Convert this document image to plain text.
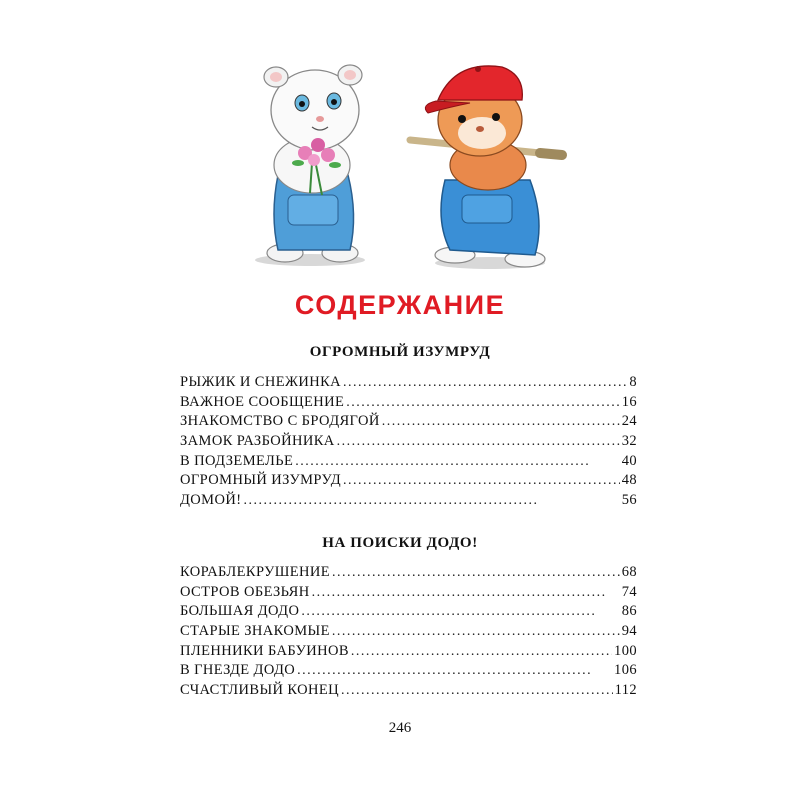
СОДЕРЖАНИЕ
ОГРОМНЫЙ ИЗУМРУД
РЫЖИК И СНЕЖИНКА . . .	8
ВАЖНОЕ СООБЩЕНИЕ . . .	16
ЗНАКОМСТВО С БРОДЯГОЙ . . .	24
ЗАМОК РАЗБОЙНИКА . . .	32
В ПОДЗЕМЕЛЬЕ . . .	40
ОГРОМНЫЙ ИЗУМРУД . . .	48
ДОМОЙ! . . .	56
НА ПОИСКИ ДОДО!
КОРАБЛЕКРУШЕНИЕ . . .	68
ОСТРОВ ОБЕЗЬЯН . . .	74
БОЛЬШАЯ ДОДО . . .	86
СТАРЫЕ ЗНАКОМЫЕ . . .	94
ПЛЕННИКИ БАБУИНОВ . . .	100
В ГНЕЗДЕ ДОДО . . .	106
СЧАСТЛИВЫЙ КОНЕЦ . . .	112
246
